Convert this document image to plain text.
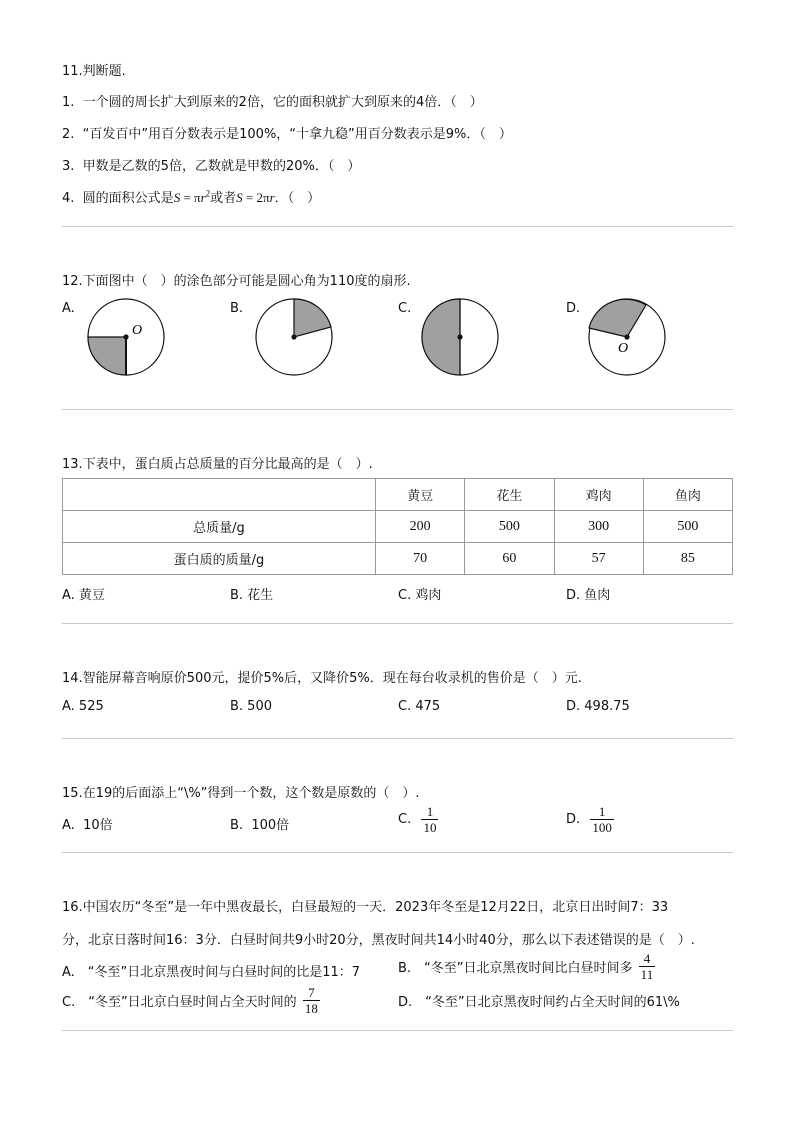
11.判断题.
1. 一个圆的周长扩大到原来的2倍，它的面积就扩大到原来的4倍．（　）
2. “百发百中”用百分数表示是100%，“十拿九稳”用百分数表示是9%．（　）
3. 甲数是乙数的5倍，乙数就是甲数的20%．（　）
4. 圆的面积公式是$S = \pi r^2$或者S = 2πr．（　）
12.下面图中（　）的涂色部分可能是圆心角为110度的扇形.
A.
O
B.	C.	D.
O
13.下表中，蛋白质占总质量的百分比最高的是（　）.
	黄豆	花生	鸡肉	鱼肉
总质量/g	200	500	300	500
蛋白质的质量/g	70	60	57	85
A. 黄豆	B. 花生	C. 鸡肉	D. 鱼肉
14.智能屏幕音响原价500元，提价5%后，又降价5%．现在每台收录机的售价是（　）元.
A. 525	B. 500	C. 475	D. 498.75
15.在19的后面添上“\%”得到一个数，这个数是原数的（　）.
A. 10倍	B. 100倍	C. $\frac{1}{10}$	D. $\frac{1}{100}$
16.中国农历“冬至”是一年中黑夜最长，白昼最短的一天．2023年冬至是12月22日，北京日出时间7：33
分，北京日落时间16：3分．白昼时间共9小时20分，黑夜时间共14小时40分，那么以下表述错误的是（　）.
A.　“冬至”日北京黑夜时间与白昼时间的比是11：7	B.　“冬至”日北京黑夜时间比白昼时间多 $\frac{4}{11}$
C.　“冬至”日北京白昼时间占全天时间的 $\frac{7}{18}$	D.　“冬至”日北京黑夜时间约占全天时间的61\%
